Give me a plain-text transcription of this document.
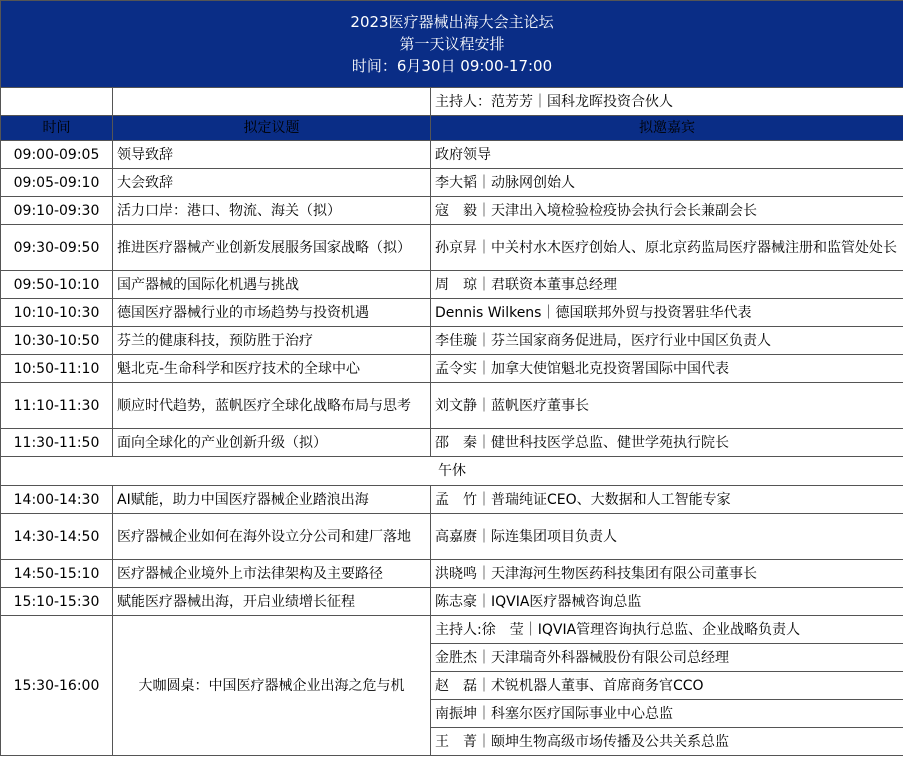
2023医疗器械出海大会主论坛
第一天议程安排
时间：6月30日 09:00-17:00		

		主持人：范芳芳｜国科龙晖投资合伙人
时间	拟定议题	拟邀嘉宾
09:00-09:05	领导致辞	政府领导
09:05-09:10	大会致辞	李大韬｜动脉网创始人
09:10-09:30	活力口岸：港口、物流、海关（拟）	寇　毅｜天津出入境检验检疫协会执行会长兼副会长
09:30-09:50	推进医疗器械产业创新发展服务国家战略（拟）	孙京昇｜中关村水木医疗创始人、原北京药监局医疗器械注册和监管处处长
09:50-10:10	国产器械的国际化机遇与挑战	周　琼｜君联资本董事总经理
10:10-10:30	德国医疗器械行业的市场趋势与投资机遇	Dennis Wilkens｜德国联邦外贸与投资署驻华代表
10:30-10:50	芬兰的健康科技，预防胜于治疗	李佳璇｜芬兰国家商务促进局，医疗行业中国区负责人
10:50-11:10	魁北克-生命科学和医疗技术的全球中心	孟令实｜加拿大使馆魁北克投资署国际中国代表
11:10-11:30	顺应时代趋势，蓝帆医疗全球化战略布局与思考	刘文静｜蓝帆医疗董事长
11:30-11:50	面向全球化的产业创新升级（拟）	邵　秦｜健世科技医学总监、健世学苑执行院长
午休		
14:00-14:30	AI赋能，助力中国医疗器械企业踏浪出海	孟　竹｜普瑞纯证CEO、大数据和人工智能专家
14:30-14:50	医疗器械企业如何在海外设立分公司和建厂落地	高嘉赓｜际连集团项目负责人
14:50-15:10	医疗器械企业境外上市法律架构及主要路径	洪晓鸣｜天津海河生物医药科技集团有限公司董事长
15:10-15:30	赋能医疗器械出海，开启业绩增长征程	陈志豪｜IQVIA医疗器械咨询总监
15:30-16:00	大咖圆桌：中国医疗器械企业出海之危与机	主持人:徐　莹｜IQVIA管理咨询执行总监、企业战略负责人
		金胜杰｜天津瑞奇外科器械股份有限公司总经理
		赵　磊｜术锐机器人董事、首席商务官CCO
		南振坤｜科塞尔医疗国际事业中心总监
		王　菁｜颐坤生物高级市场传播及公共关系总监
